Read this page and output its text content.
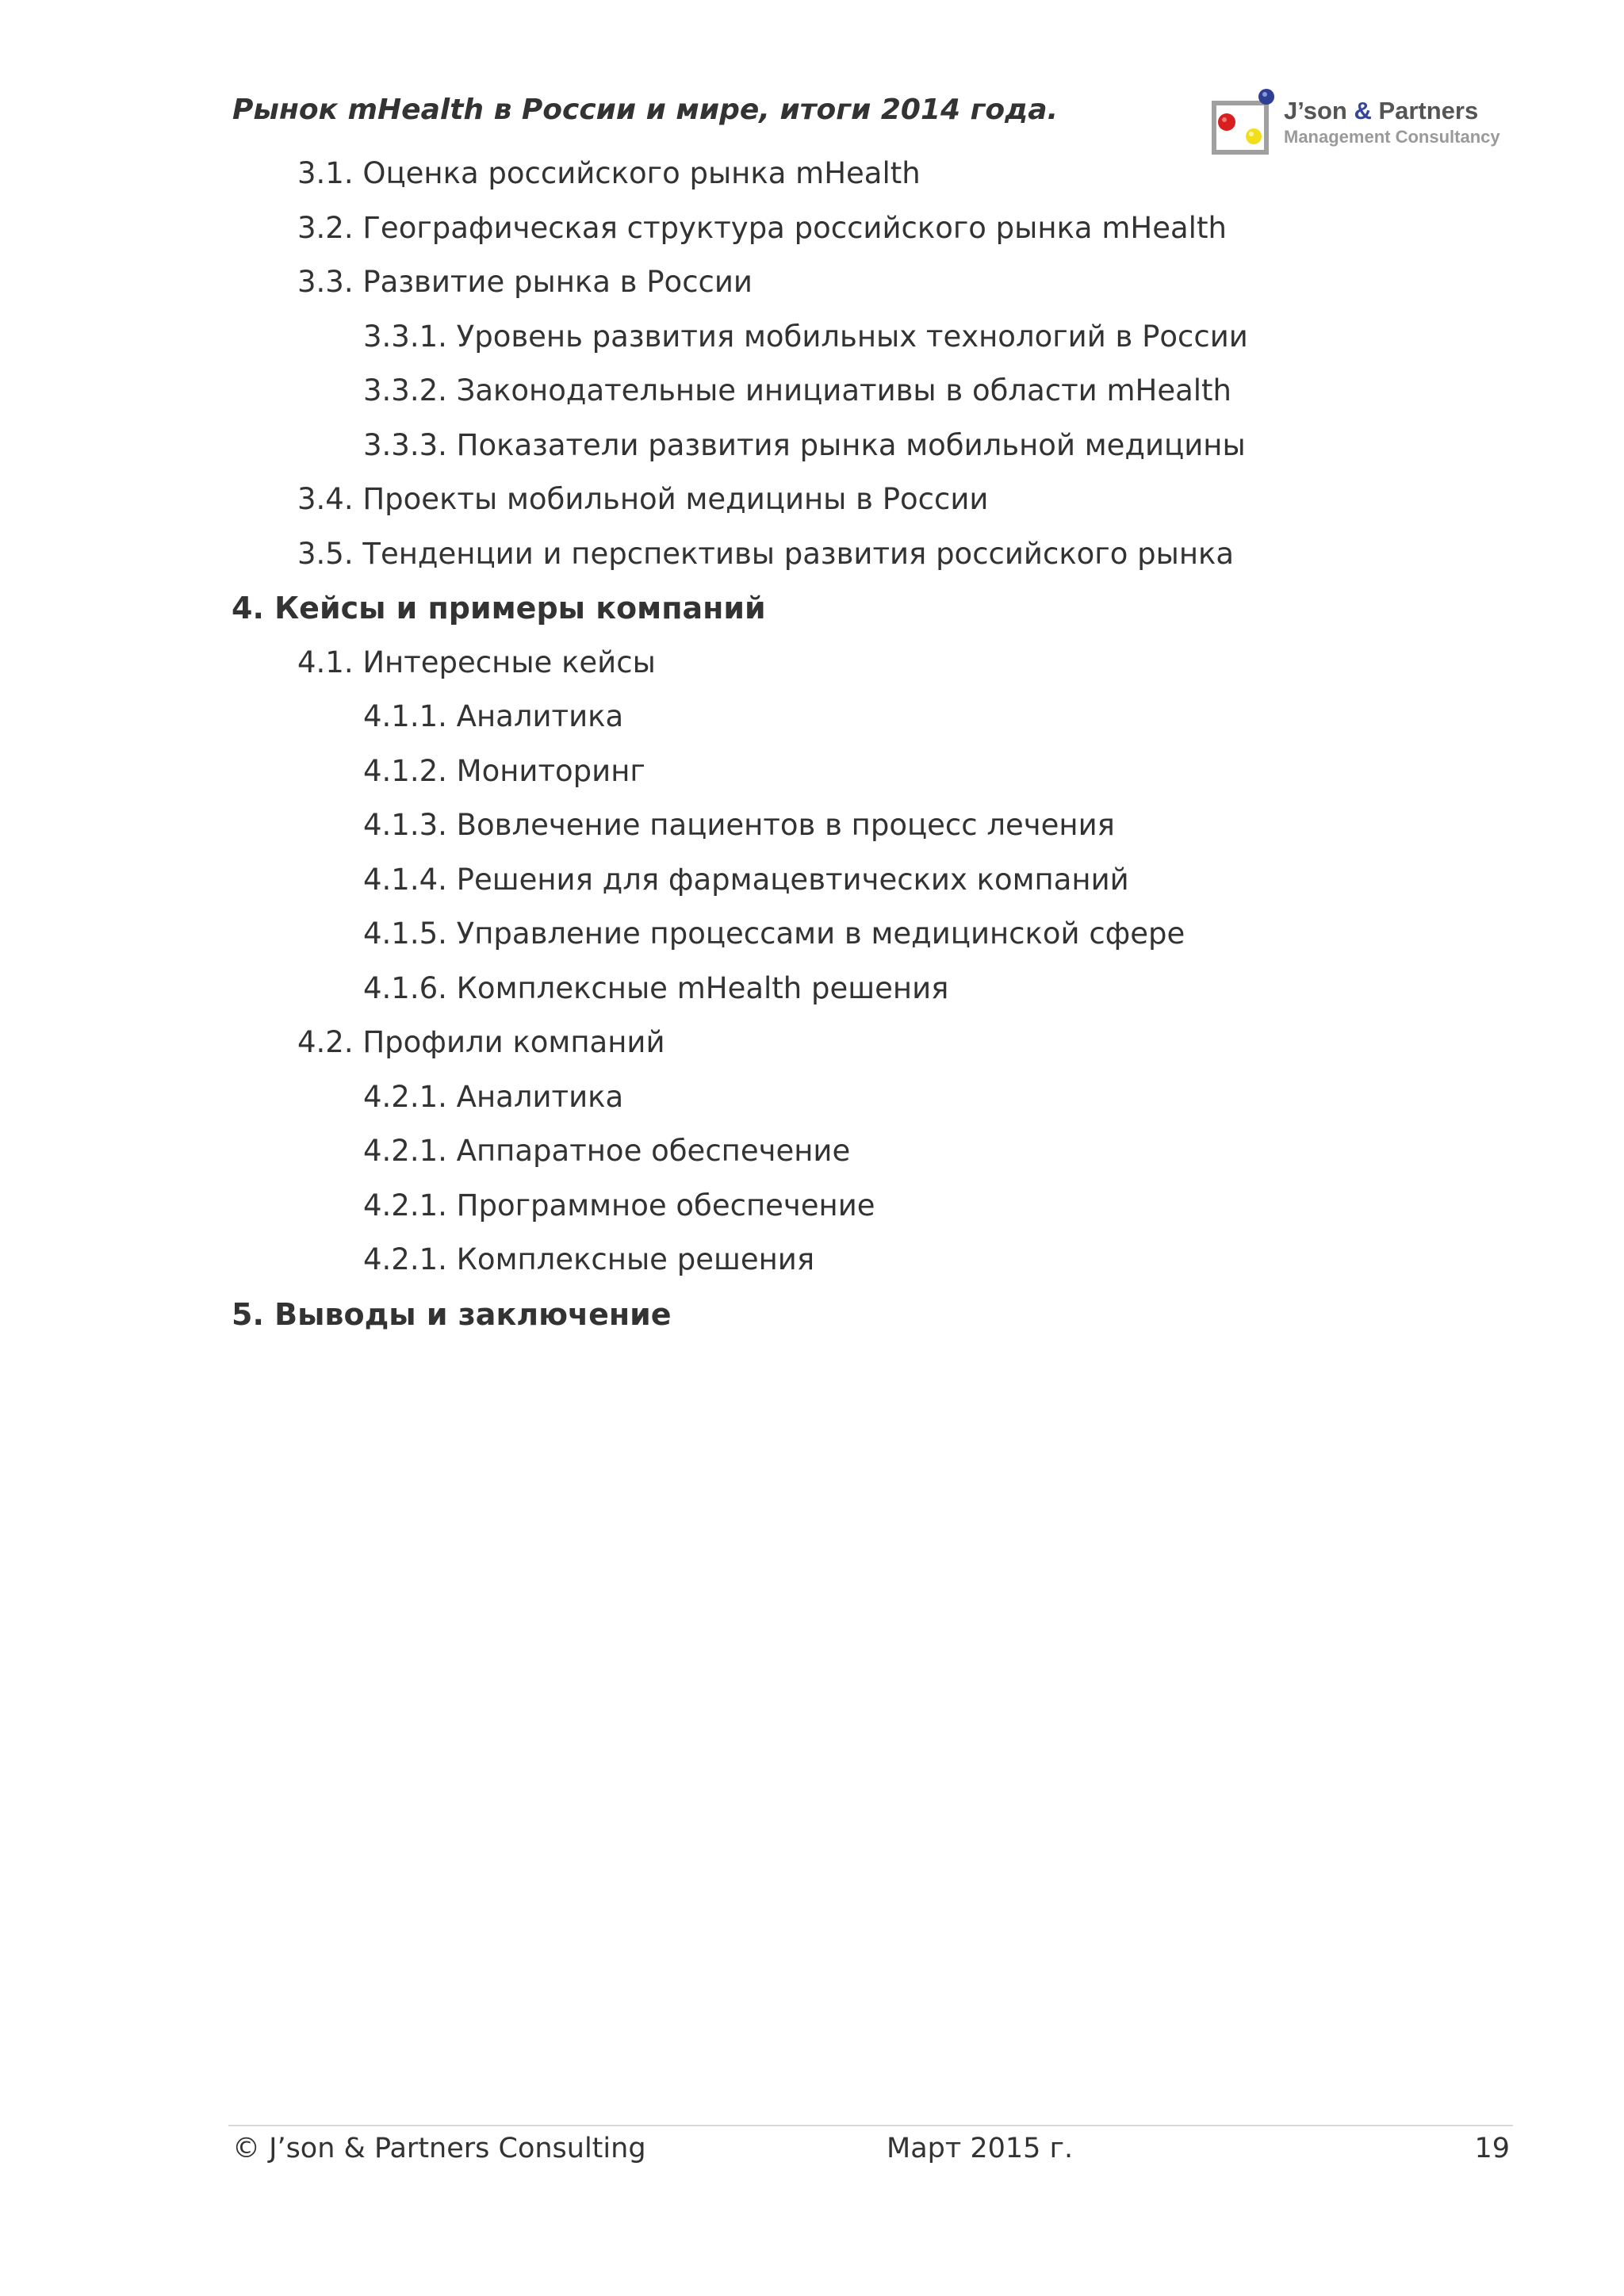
Рынок mHealth в России и мире, итоги 2014 года.	J’son & Partners
Management Consultancy
3.1. Оценка российского рынка mHealth
3.2. Географическая структура российского рынка mHealth
3.3. Развитие рынка в России
3.3.1. Уровень развития мобильных технологий в России
3.3.2. Законодательные инициативы в области mHealth
3.3.3. Показатели развития рынка мобильной медицины
3.4. Проекты мобильной медицины в России
3.5. Тенденции и перспективы развития российского рынка
4. Кейсы и примеры компаний
4.1. Интересные кейсы
4.1.1. Аналитика
4.1.2. Мониторинг
4.1.3. Вовлечение пациентов в процесс лечения
4.1.4. Решения для фармацевтических компаний
4.1.5. Управление процессами в медицинской сфере
4.1.6. Комплексные mHealth решения
4.2. Профили компаний
4.2.1. Аналитика
4.2.1. Аппаратное обеспечение
4.2.1. Программное обеспечение
4.2.1. Комплексные решения
5. Выводы и заключение
© J’son & Partners Consulting	Март 2015 г.	19
